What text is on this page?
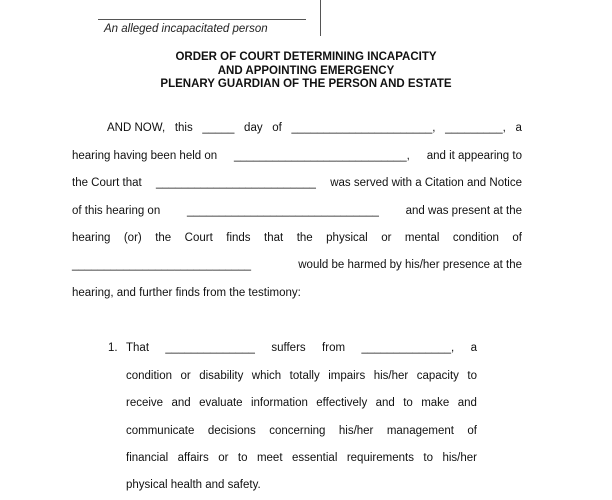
An alleged incapacitated person
ORDER OF COURT DETERMINING INCAPACITY
AND APPOINTING EMERGENCY
PLENARY GUARDIAN OF THE PERSON AND ESTATE
AND NOW, this _____ day of ______________________, _________, a
hearing having been held on ___________________________, and it appearing to
the Court that _________________________ was served with a Citation and Notice
of this hearing on ______________________________ and was present at the
hearing (or) the Court finds that the physical or mental condition of
____________________________	would be harmed by his/her presence at the
hearing, and further finds from the testimony:
1. That ______________ suffers from ______________, a
condition or disability which totally impairs his/her capacity to
receive and evaluate information effectively and to make and
communicate decisions concerning his/her management of
financial affairs or to meet essential requirements to his/her
physical health and safety.
